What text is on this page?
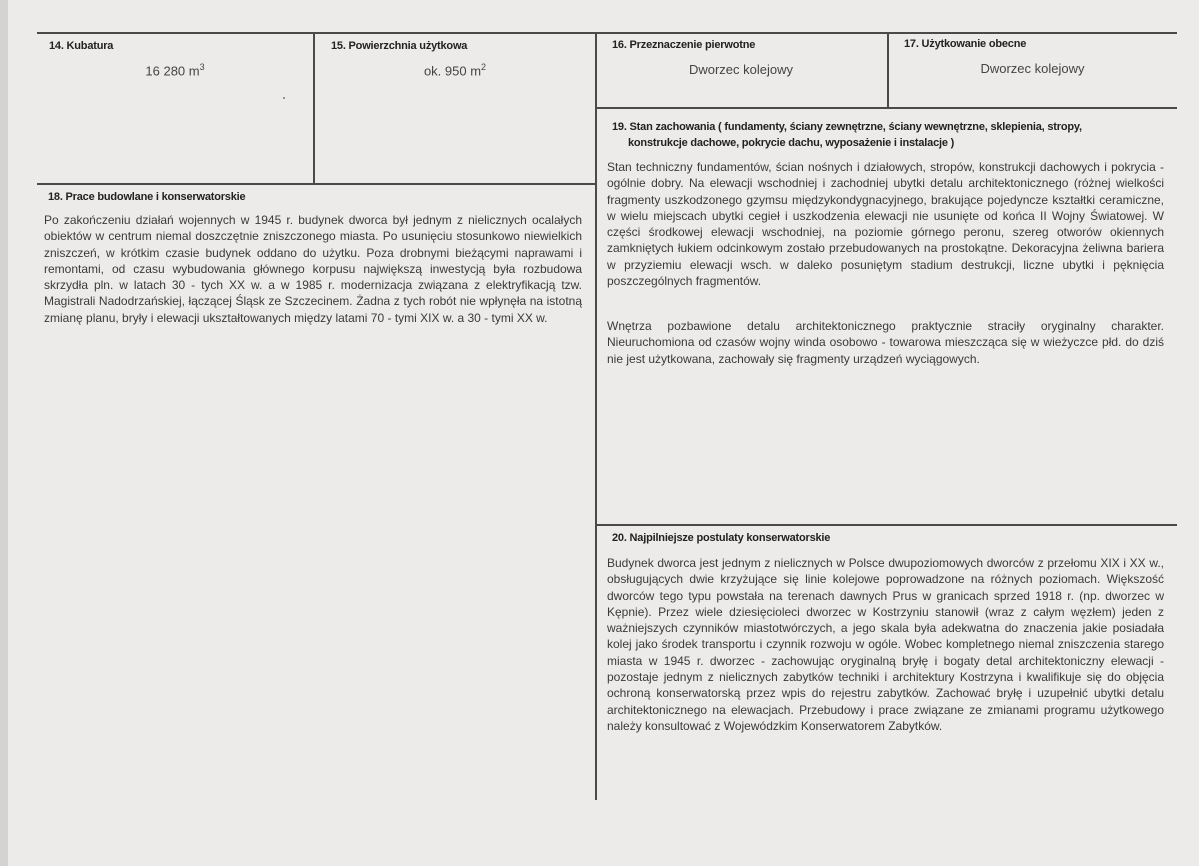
14. Kubatura
16 280 $m^3$
15. Powierzchnia użytkowa
ok. 950 $m^2$
16. Przeznaczenie pierwotne
Dworzec kolejowy
17. Użytkowanie obecne
Dworzec kolejowy
18. Prace budowlane i konserwatorskie

Po zakończeniu działań wojennych w 1945 r. budynek dworca był jednym z nielicznych ocalałych obiektów w centrum niemal doszczętnie zniszczonego miasta. Po usunięciu stosunkowo niewielkich zniszczeń, w krótkim czasie budynek oddano do użytku. Poza drobnymi bieżącymi naprawami i remontami, od czasu wybudowania głównego korpusu największą inwestycją była rozbudowa skrzydła pln. w latach 30 - tych XX w. a w 1985 r. modernizacja związana z elektryfikacją tzw. Magistrali Nadodrzańskiej, łączącej Śląsk ze Szczecinem. Żadna z tych robót nie wpłynęła na istotną zmianę planu, bryły i elewacji ukształtowanych między latami 70 - tymi XIX w. a 30 - tymi XX w.

19. Stan zachowania ( fundamenty, ściany zewnętrzne, ściany wewnętrzne, sklepienia, stropy,
konstrukcje dachowe, pokrycie dachu, wyposażenie i instalacje )

Stan techniczny fundamentów, ścian nośnych i działowych, stropów, konstrukcji dachowych i pokrycia - ogólnie dobry. Na elewacji wschodniej i zachodniej ubytki detalu architektonicznego (różnej wielkości fragmenty uszkodzonego gzymsu międzykondygnacyjnego, brakujące pojedyncze kształtki ceramiczne, w wielu miejscach ubytki cegieł i uszkodzenia elewacji nie usunięte od końca II Wojny Światowej. W części środkowej elewacji wschodniej, na poziomie górnego peronu, szereg otworów okiennych zamkniętych łukiem odcinkowym zostało przebudowanych na prostokątne. Dekoracyjna żeliwna bariera w przyziemiu elewacji wsch. w daleko posuniętym stadium destrukcji, liczne ubytki i pęknięcia poszczególnych fragmentów.

Wnętrza pozbawione detalu architektonicznego praktycznie straciły oryginalny charakter. Nieuruchomiona od czasów wojny winda osobowo - towarowa mieszcząca się w wieżyczce płd. do dziś nie jest użytkowana, zachowały się fragmenty urządzeń wyciągowych.

20. Najpilniejsze postulaty konserwatorskie

Budynek dworca jest jednym z nielicznych w Polsce dwupoziomowych dworców z przełomu XIX i XX w., obsługujących dwie krzyżujące się linie kolejowe poprowadzone na różnych poziomach. Większość dworców tego typu powstała na terenach dawnych Prus w granicach sprzed 1918 r. (np. dworzec w Kępnie). Przez wiele dziesięcioleci dworzec w Kostrzyniu stanowił (wraz z całym węzłem) jeden z ważniejszych czynników miastotwórczych, a jego skala była adekwatna do znaczenia jakie posiadała kolej jako środek transportu i czynnik rozwoju w ogóle. Wobec kompletnego niemal zniszczenia starego miasta w 1945 r. dworzec - zachowując oryginalną bryłę i bogaty detal architektoniczny elewacji - pozostaje jednym z nielicznych zabytków techniki i architektury Kostrzyna i kwalifikuje się do objęcia ochroną konserwatorską przez wpis do rejestru zabytków. Zachować bryłę i uzupełnić ubytki detalu architektonicznego na elewacjach. Przebudowy i prace związane ze zmianami programu użytkowego należy konsultować z Wojewódzkim Konserwatorem Zabytków.
